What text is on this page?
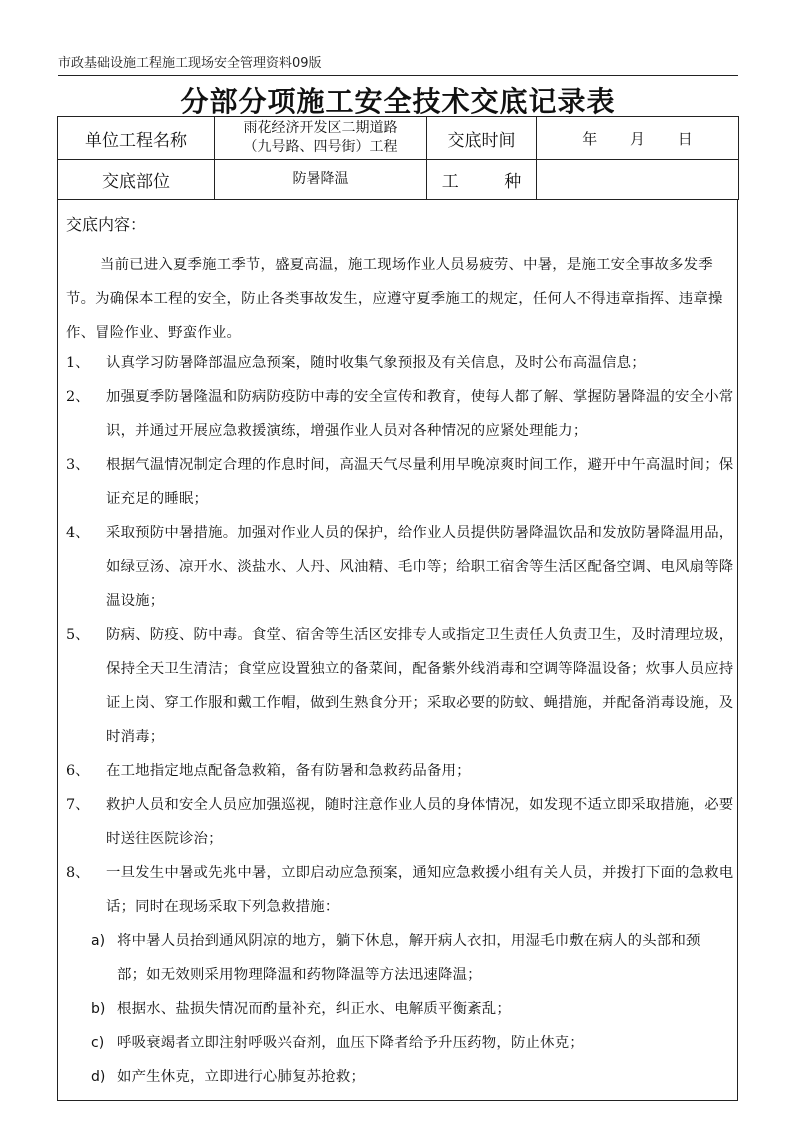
市政基础设施工程施工现场安全管理资料09版
分部分项施工安全技术交底记录表
单位工程名称	雨花经济开发区二期道路
（九号路、四号街）工程	交底时间	年 月 日
交底部位	防暑降温	工 种	
交底内容：
当前已进入夏季施工季节，盛夏高温，施工现场作业人员易疲劳、中暑，是施工安全事故多发季节。为确保本工程的安全，防止各类事故发生，应遵守夏季施工的规定，任何人不得违章指挥、违章操作、冒险作业、野蛮作业。
1、 认真学习防暑降部温应急预案，随时收集气象预报及有关信息，及时公布高温信息；
2、 加强夏季防暑隆温和防病防疫防中毒的安全宣传和教育，使每人都了解、掌握防暑降温的安全小常识，并通过开展应急救援演练，增强作业人员对各种情况的应紧处理能力；
3、 根据气温情况制定合理的作息时间，高温天气尽量利用早晚凉爽时间工作，避开中午高温时间；保证充足的睡眠；
4、 采取预防中暑措施。加强对作业人员的保护，给作业人员提供防暑降温饮品和发放防暑降温用品，如绿豆汤、凉开水、淡盐水、人丹、风油精、毛巾等；给职工宿舍等生活区配备空调、电风扇等降温设施；
5、 防病、防疫、防中毒。食堂、宿舍等生活区安排专人或指定卫生责任人负责卫生，及时清理垃圾，保持全天卫生清洁；食堂应设置独立的备菜间，配备紫外线消毒和空调等降温设备；炊事人员应持证上岗、穿工作服和戴工作帽，做到生熟食分开；采取必要的防蚊、蝇措施，并配备消毒设施，及时消毒；
6、 在工地指定地点配备急救箱，备有防暑和急救药品备用；
7、 救护人员和安全人员应加强巡视，随时注意作业人员的身体情况，如发现不适立即采取措施，必要时送往医院诊治；
8、 一旦发生中暑或先兆中暑，立即启动应急预案，通知应急救援小组有关人员，并拨打下面的急救电话；同时在现场采取下列急救措施：
a) 将中暑人员抬到通风阴凉的地方，躺下休息，解开病人衣扣，用湿毛巾敷在病人的头部和颈部；如无效则采用物理降温和药物降温等方法迅速降温；
b) 根据水、盐损失情况而酌量补充，纠正水、电解质平衡紊乱；
c) 呼吸衰竭者立即注射呼吸兴奋剂，血压下降者给予升压药物，防止休克；
d) 如产生休克，立即进行心肺复苏抢救；
